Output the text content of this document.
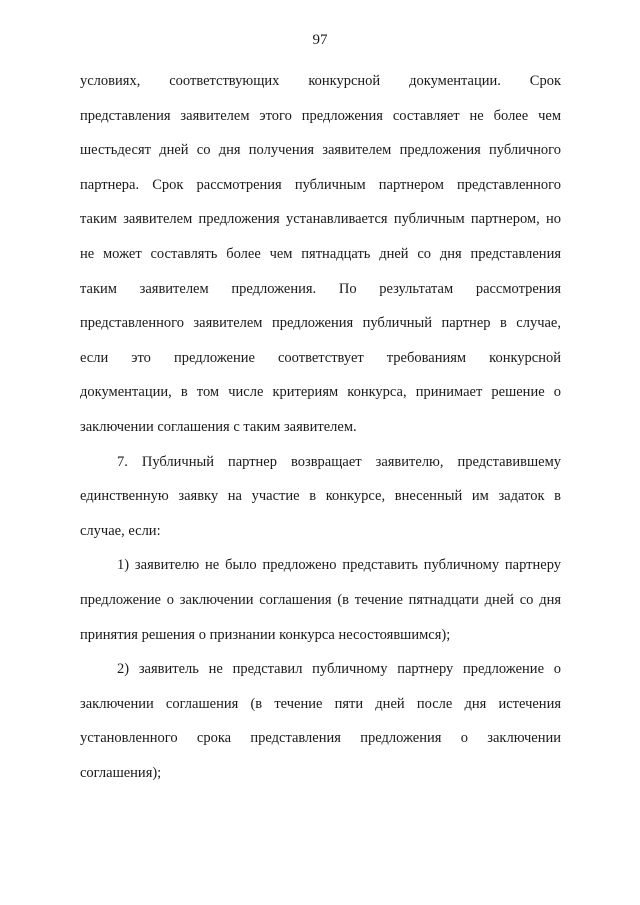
97
условиях, соответствующих конкурсной документации. Срок
представления заявителем этого предложения составляет не более чем
шестьдесят дней со дня получения заявителем предложения публичного
партнера. Срок рассмотрения публичным партнером представленного
таким заявителем предложения устанавливается публичным партнером, но
не может составлять более чем пятнадцать дней со дня представления
таким заявителем предложения. По результатам рассмотрения
представленного заявителем предложения публичный партнер в случае,
если это предложение соответствует требованиям конкурсной
документации, в том числе критериям конкурса, принимает решение о
заключении соглашения с таким заявителем.
7. Публичный партнер возвращает заявителю, представившему
единственную заявку на участие в конкурсе, внесенный им задаток в
случае, если:
1) заявителю не было предложено представить публичному партнеру
предложение о заключении соглашения (в течение пятнадцати дней со дня
принятия решения о признании конкурса несостоявшимся);
2) заявитель не представил публичному партнеру предложение о
заключении соглашения (в течение пяти дней после дня истечения
установленного срока представления предложения о заключении
соглашения);
